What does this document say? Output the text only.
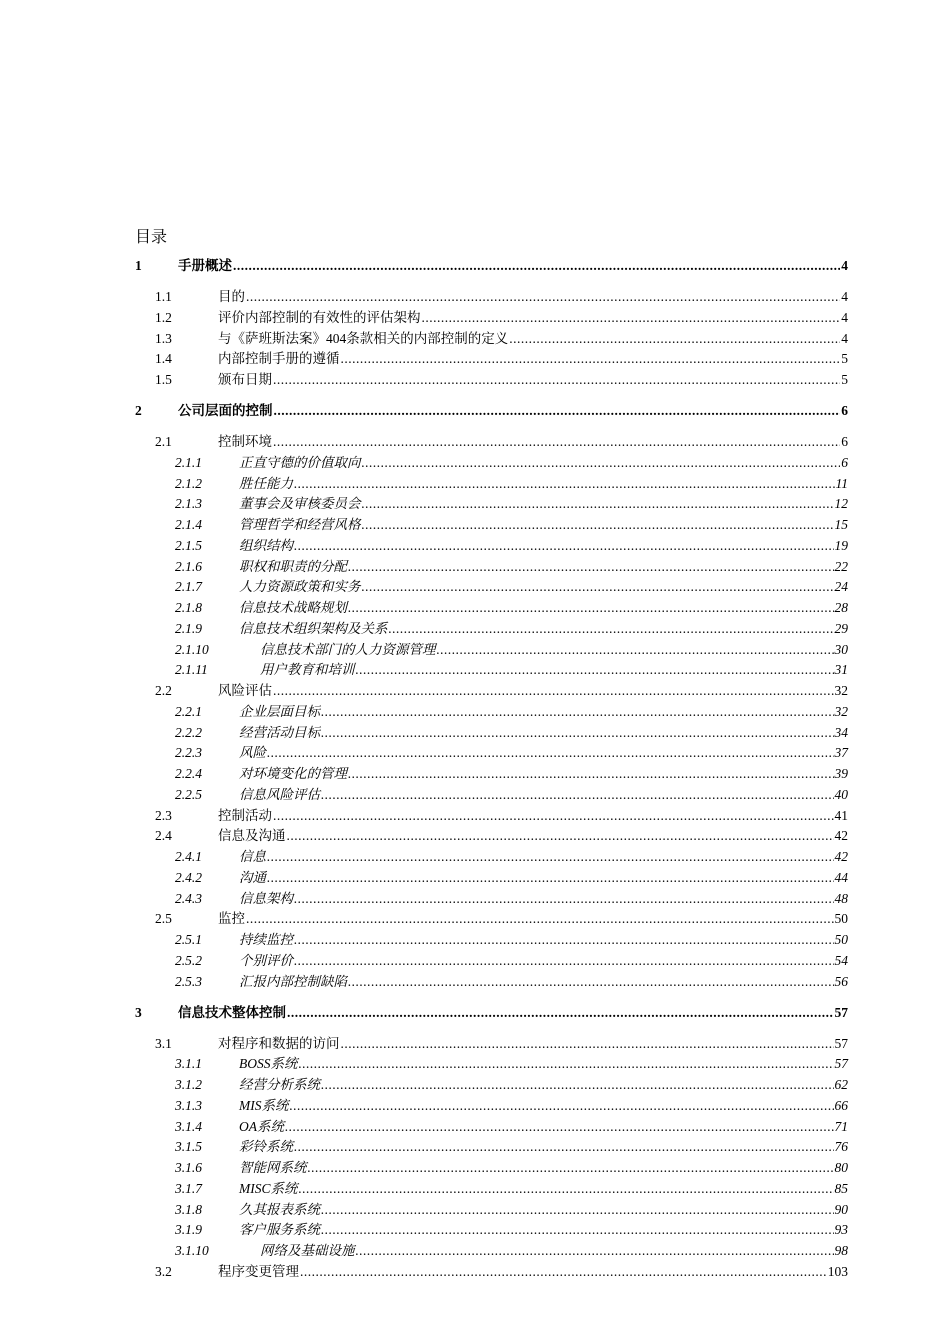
目录
1	手册概述 .....	4
1.1	目的 .....	4
1.2	评价内部控制的有效性的评估架构 .....	4
1.3	与《萨班斯法案》404条款相关的内部控制的定义 .....	4
1.4	内部控制手册的遵循 .....	5
1.5	颁布日期 .....	5
2	公司层面的控制 .....	6
2.1	控制环境 .....	6
2.1.1	正直守德的价值取向 .....	6
2.1.2	胜任能力 .....	11
2.1.3	董事会及审核委员会 .....	12
2.1.4	管理哲学和经营风格 .....	15
2.1.5	组织结构 .....	19
2.1.6	职权和职责的分配 .....	22
2.1.7	人力资源政策和实务 .....	24
2.1.8	信息技术战略规划 .....	28
2.1.9	信息技术组织架构及关系 .....	29
2.1.10	信息技术部门的人力资源管理 .....	30
2.1.11	用户教育和培训 .....	31
2.2	风险评估 .....	32
2.2.1	企业层面目标 .....	32
2.2.2	经营活动目标 .....	34
2.2.3	风险 .....	37
2.2.4	对环境变化的管理 .....	39
2.2.5	信息风险评估 .....	40
2.3	控制活动 .....	41
2.4	信息及沟通 .....	42
2.4.1	信息 .....	42
2.4.2	沟通 .....	44
2.4.3	信息架构 .....	48
2.5	监控 .....	50
2.5.1	持续监控 .....	50
2.5.2	个别评价 .....	54
2.5.3	汇报内部控制缺陷 .....	56
3	信息技术整体控制 .....	57
3.1	对程序和数据的访问 .....	57
3.1.1	BOSS系统 .....	57
3.1.2	经营分析系统 .....	62
3.1.3	MIS系统 .....	66
3.1.4	OA系统 .....	71
3.1.5	彩铃系统 .....	76
3.1.6	智能网系统 .....	80
3.1.7	MISC系统 .....	85
3.1.8	久其报表系统 .....	90
3.1.9	客户服务系统 .....	93
3.1.10	网络及基础设施 .....	98
3.2	程序变更管理 .....	103
